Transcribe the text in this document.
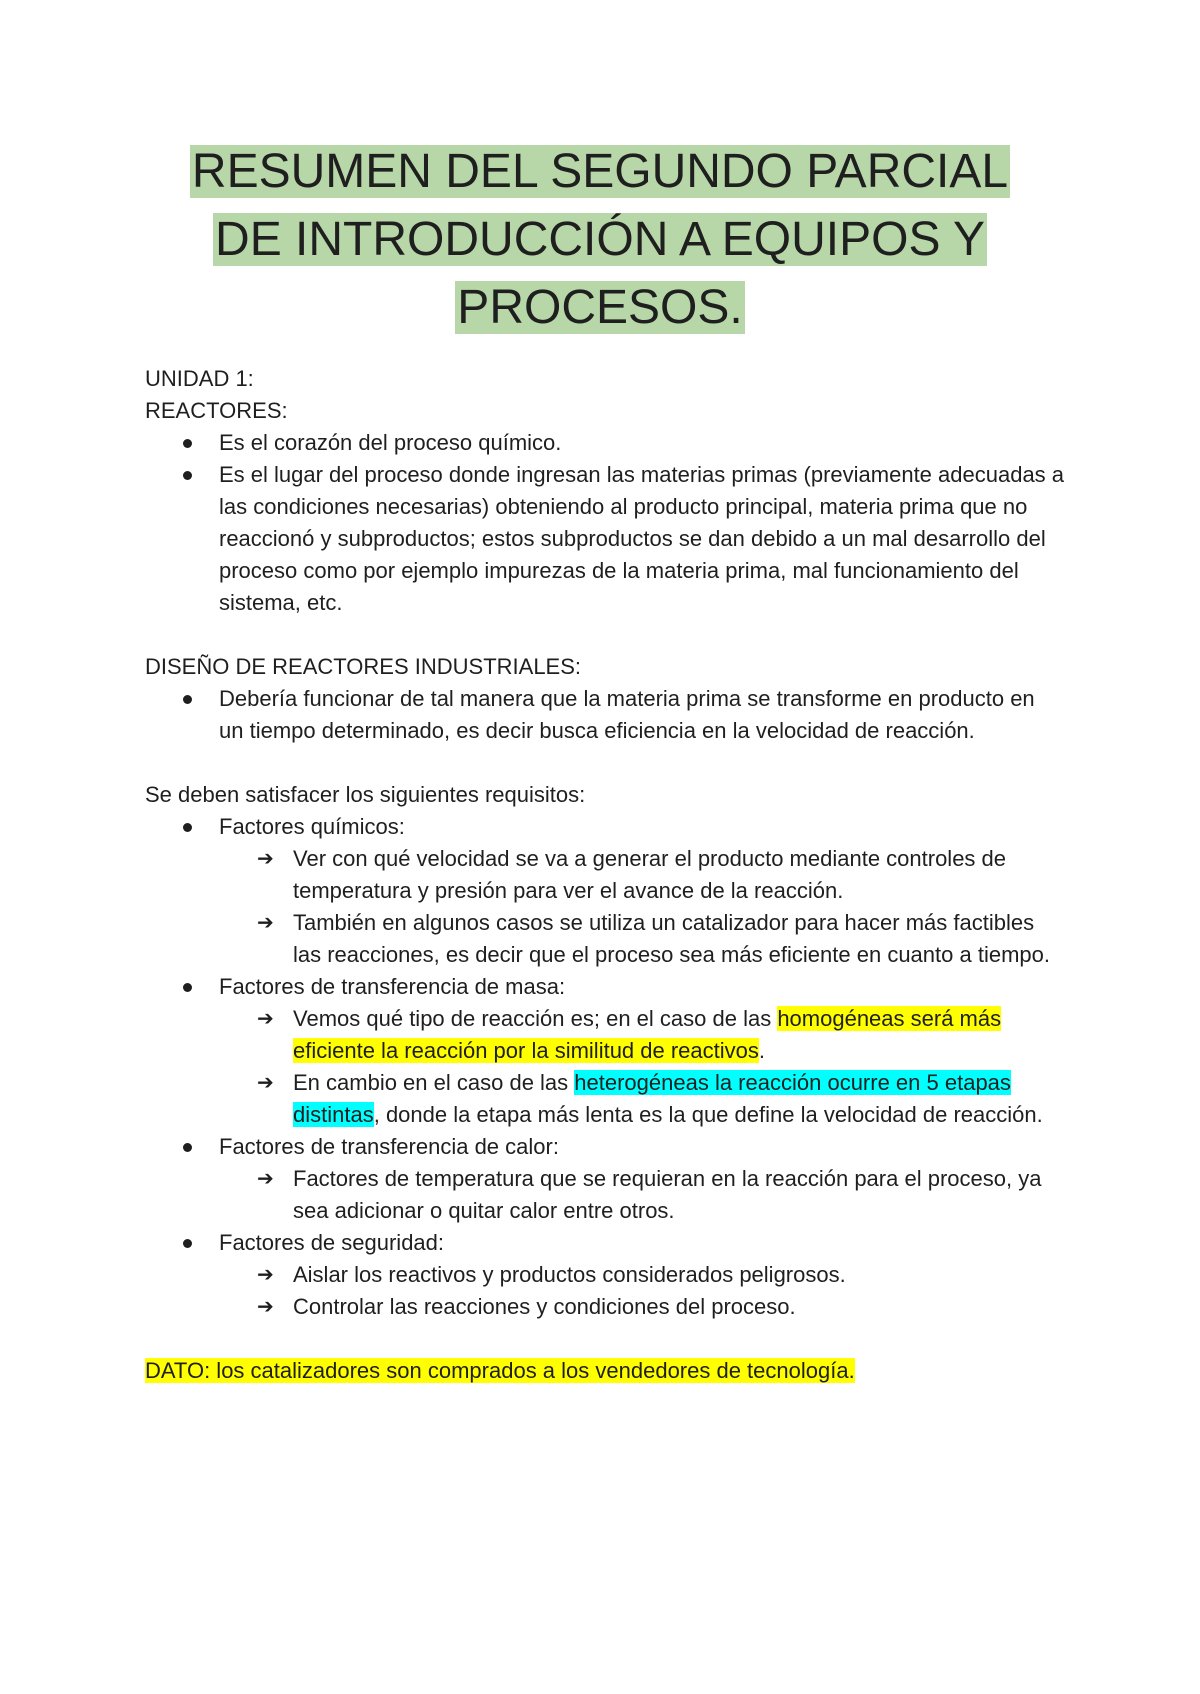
RESUMEN DEL SEGUNDO PARCIAL
DE INTRODUCCIÓN A EQUIPOS Y
PROCESOS.

UNIDAD 1:

REACTORES:

Es el corazón del proceso químico.
Es el lugar del proceso donde ingresan las materias primas (previamente adecuadas a las condiciones necesarias) obteniendo al producto principal, materia prima que no reaccionó y subproductos; estos subproductos se dan debido a un mal desarrollo del proceso como por ejemplo impurezas de la materia prima, mal funcionamiento del sistema, etc.

DISEÑO DE REACTORES INDUSTRIALES:

Debería funcionar de tal manera que la materia prima se transforme en producto en un tiempo determinado, es decir busca eficiencia en la velocidad de reacción.

Se deben satisfacer los siguientes requisitos:

Factores químicos:
➔ Ver con qué velocidad se va a generar el producto mediante controles de temperatura y presión para ver el avance de la reacción.
➔ También en algunos casos se utiliza un catalizador para hacer más factibles las reacciones, es decir que el proceso sea más eficiente en cuanto a tiempo.
Factores de transferencia de masa:
➔ Vemos qué tipo de reacción es; en el caso de las homogéneas será más eficiente la reacción por la similitud de reactivos.
➔ En cambio en el caso de las heterogéneas la reacción ocurre en 5 etapas distintas, donde la etapa más lenta es la que define la velocidad de reacción.
Factores de transferencia de calor:
➔ Factores de temperatura que se requieran en la reacción para el proceso, ya sea adicionar o quitar calor entre otros.
Factores de seguridad:
➔ Aislar los reactivos y productos considerados peligrosos.
➔ Controlar las reacciones y condiciones del proceso.

DATO: los catalizadores son comprados a los vendedores de tecnología.
